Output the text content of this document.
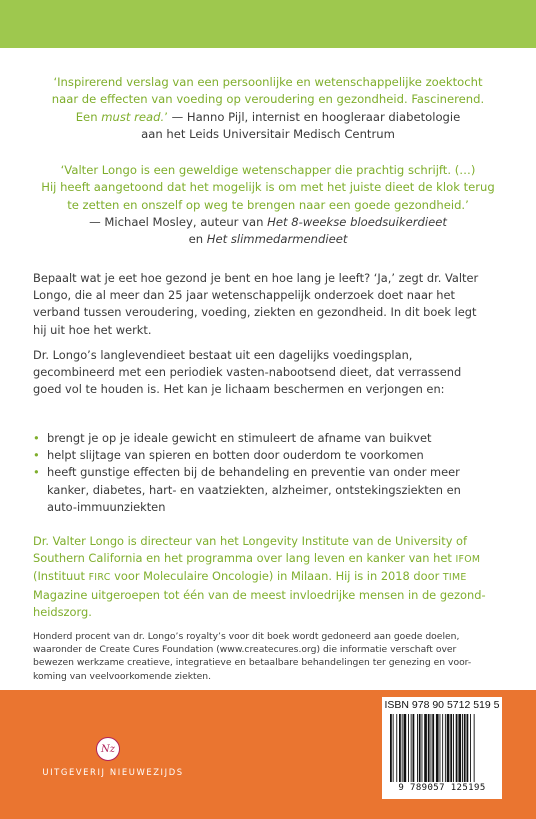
‘Inspirerend verslag van een persoonlijke en wetenschappelijke zoektocht
naar de effecten van voeding op veroudering en gezondheid. Fascinerend.
Een must read.’ — Hanno Pijl, internist en hoogleraar diabetologie
aan het Leids Universitair Medisch Centrum
‘Valter Longo is een geweldige wetenschapper die prachtig schrijft. (…)
Hij heeft aangetoond dat het mogelijk is om met het juiste dieet de klok terug
te zetten en onszelf op weg te brengen naar een goede gezondheid.’
— Michael Mosley, auteur van Het 8-weekse bloedsuikerdieet
en Het slimmedarmendieet
Bepaalt wat je eet hoe gezond je bent en hoe lang je leeft? ‘Ja,’ zegt dr. Valter
Longo, die al meer dan 25 jaar wetenschappelijk onderzoek doet naar het
verband tussen veroudering, voeding, ziekten en gezondheid. In dit boek legt
hij uit hoe het werkt.
Dr. Longo’s langlevendieet bestaat uit een dagelijks voedingsplan,
gecombineerd met een periodiek vasten-nabootsend dieet, dat verrassend
goed vol te houden is. Het kan je lichaam beschermen en verjongen en:
• brengt je op je ideale gewicht en stimuleert de afname van buikvet
• helpt slijtage van spieren en botten door ouderdom te voorkomen
• heeft gunstige effecten bij de behandeling en preventie van onder meer
kanker, diabetes, hart- en vaatziekten, alzheimer, ontstekingsziekten en
auto-immuunziekten
Dr. Valter Longo is directeur van het Longevity Institute van de University of
Southern California en het programma over lang leven en kanker van het IFOM
(Instituut FIRC voor Moleculaire Oncologie) in Milaan. Hij is in 2018 door TIME
Magazine uitgeroepen tot één van de meest invloedrijke mensen in de gezond-
heidszorg.
Honderd procent van dr. Longo’s royalty’s voor dit boek wordt gedoneerd aan goede doelen,
waaronder de Create Cures Foundation (www.createcures.org) die informatie verschaft over
bewezen werkzame creatieve, integratieve en betaalbare behandelingen ter genezing en voor-
koming van veelvoorkomende ziekten.
Nz
UITGEVERIJ NIEUWEZIJDS
ISBN 978 90 5712 519 5
9 789057 125195
